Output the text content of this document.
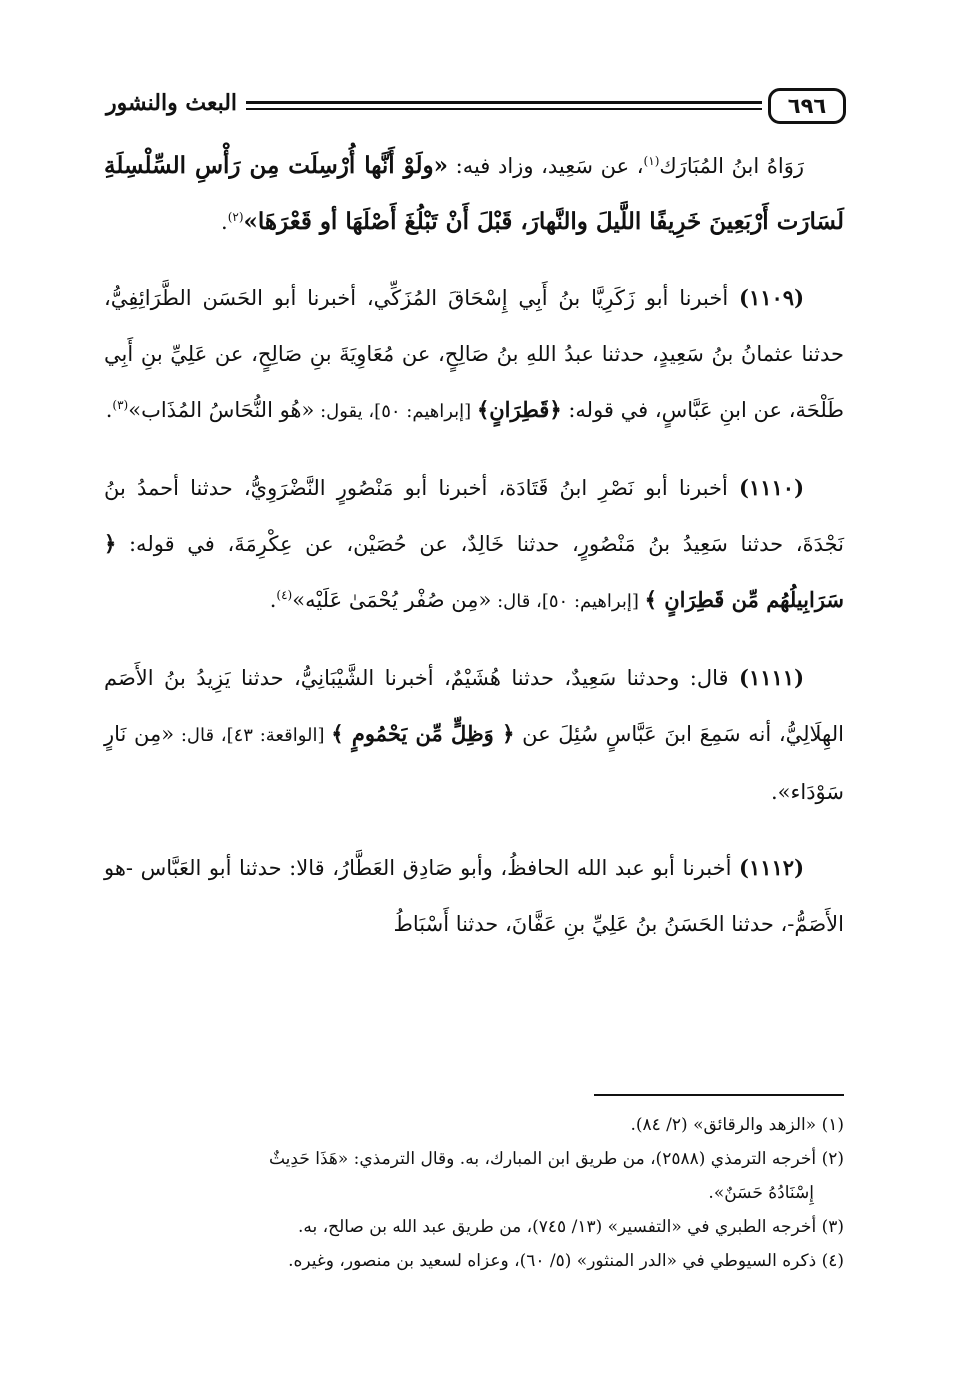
٦٩٦
البعث والنشور

رَوَاهُ ابنُ المُبَارَك$^{(١)}$، عن سَعِيد، وزاد فيه: «ولَوْ أَنَّها أُرْسِلَت مِن رَأْسِ السِّلْسِلَةِ لَسَارَت أَرْبَعِينَ خَرِيفًا اللَّيلَ والنَّهارَ، قَبْلَ أَنْ تَبْلُغَ أَصْلَهَا أو قَعْرَهَا»$^{(٢)}$.

(١١٠٩) أخبرنا أبو زَكَرِيَّا بنُ أَبِي إِسْحَاقَ المُزَكِّي، أخبرنا أبو الحَسَن الطَّرَائِفِيُّ، حدثنا عثمانُ بنُ سَعِيدٍ، حدثنا عبدُ اللهِ بنُ صَالِحٍ، عن مُعَاوِيَةَ بنِ صَالِحٍ، عن عَلِيِّ بنِ أَبِي طَلْحَة، عن ابنِ عَبَّاسٍ، في قوله: ﴿قَطِرَانٍ﴾ [إبراهيم: ٥٠]، يقول: «هُو النُّحَاسُ المُذَاب»$^{(٣)}$.

(١١١٠) أخبرنا أبو نَصْرِ ابنُ قَتَادَة، أخبرنا أبو مَنْصُورٍ النَّضْرَوِيُّ، حدثنا أحمدُ بنُ نَجْدَةَ، حدثنا سَعِيدُ بنُ مَنْصُورٍ، حدثنا خَالِدٌ، عن حُصَيْن، عن عِكْرِمَةَ، في قوله: ﴿ سَرَابِيلُهُم مِّن قَطِرَانٍ ﴾ [إبراهيم: ٥٠]، قال: «مِن صُفْر يُحْمَىٰ عَلَيْه»$^{(٤)}$.

(١١١١) قال: وحدثنا سَعِيدٌ، حدثنا هُشَيْمٌ، أخبرنا الشَّيْبَانِيُّ، حدثنا يَزِيدُ بنُ الأَصَم الهِلَالِيُّ، أنه سَمِعَ ابنَ عَبَّاسٍ سُئِلَ عن ﴿ وَظِلٍّ مِّن يَحْمُومٍ ﴾ [الواقعة: ٤٣]، قال: «مِن نَارٍ سَوْدَاء».

(١١١٢) أخبرنا أبو عبد الله الحافظُ، وأبو صَادِق العَطَّارُ، قالا: حدثنا أبو العَبَّاس -هو الأَصَمُّ-، حدثنا الحَسَنُ بنُ عَلِيِّ بنِ عَفَّانَ، حدثنا أَسْبَاطُ

(١) «الزهد والرقائق» (٢/ ٨٤).

(٢) أخرجه الترمذي (٢٥٨٨)، من طريق ابن المبارك، به. وقال الترمذي: «هَذَا حَدِيثٌ
إِسْنَادُهُ حَسَنٌ».

(٣) أخرجه الطبري في «التفسير» (١٣/ ٧٤٥)، من طريق عبد الله بن صالح، به.

(٤) ذكره السيوطي في «الدر المنثور» (٥/ ٦٠)، وعزاه لسعيد بن منصور، وغيره.
